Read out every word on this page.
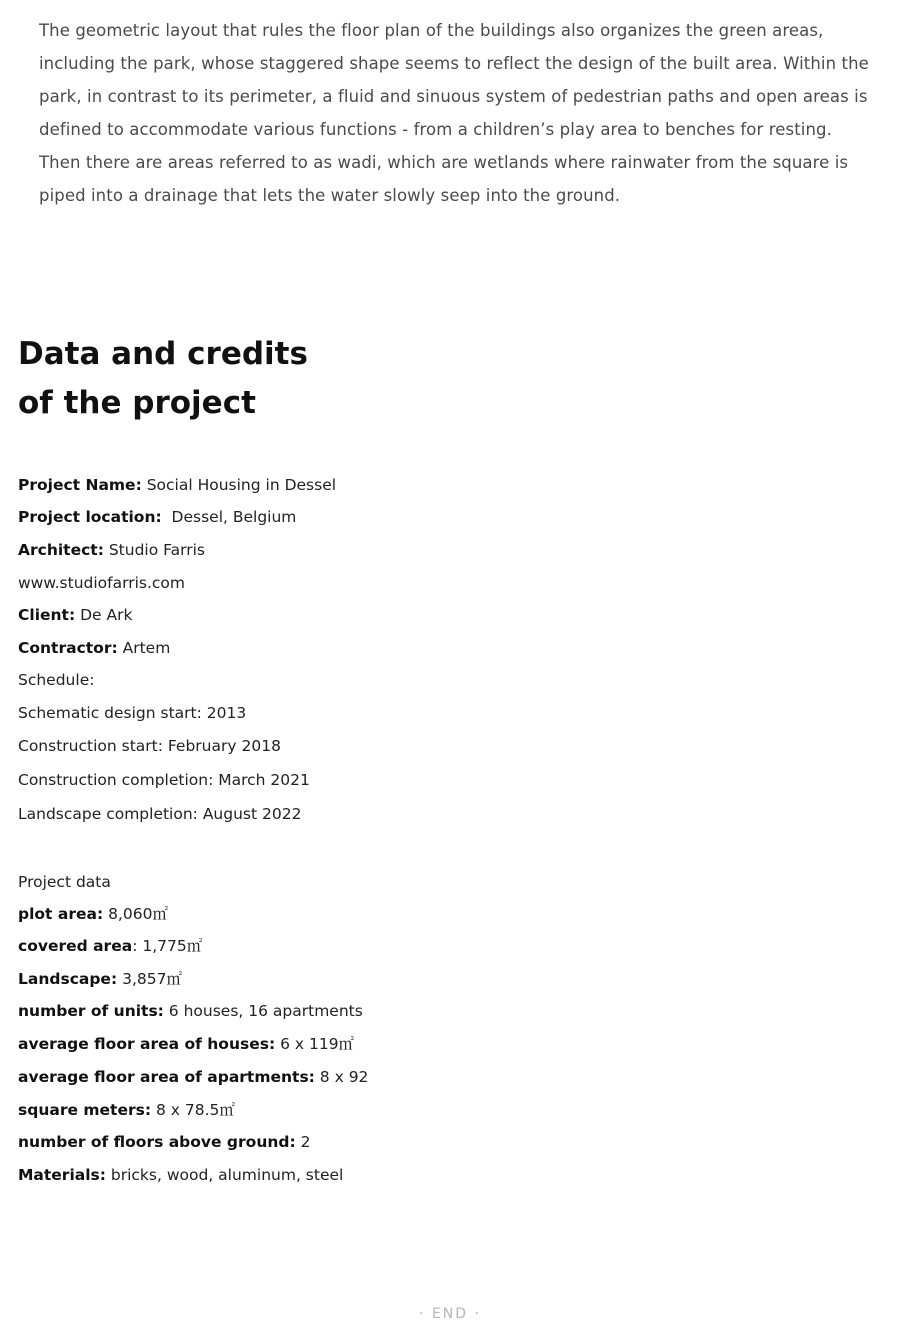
The geometric layout that rules the floor plan of the buildings also organizes the green areas, including the park, whose staggered shape seems to reflect the design of the built area. Within the park, in contrast to its perimeter, a fluid and sinuous system of pedestrian paths and open areas is defined to accommodate various functions - from a children’s play area to benches for resting. Then there are areas referred to as wadi, which are wetlands where rainwater from the square is piped into a drainage that lets the water slowly seep into the ground.

Data and credits
of the project
Project Name: Social Housing in Dessel
Project location:  Dessel, Belgium
Architect: Studio Farris
www.studiofarris.com
Client: De Ark
Contractor: Artem
Schedule:
Schematic design start: 2013
Construction start: February 2018
Construction completion: March 2021
Landscape completion: August 2022
Project data
plot area: 8,060㎡
covered area: 1,775㎡
Landscape: 3,857㎡
number of units: 6 houses, 16 apartments
average floor area of houses: 6 x 119㎡
average floor area of apartments: 8 x 92
square meters: 8 x 78.5㎡
number of floors above ground: 2
Materials: bricks, wood, aluminum, steel
· END ·
